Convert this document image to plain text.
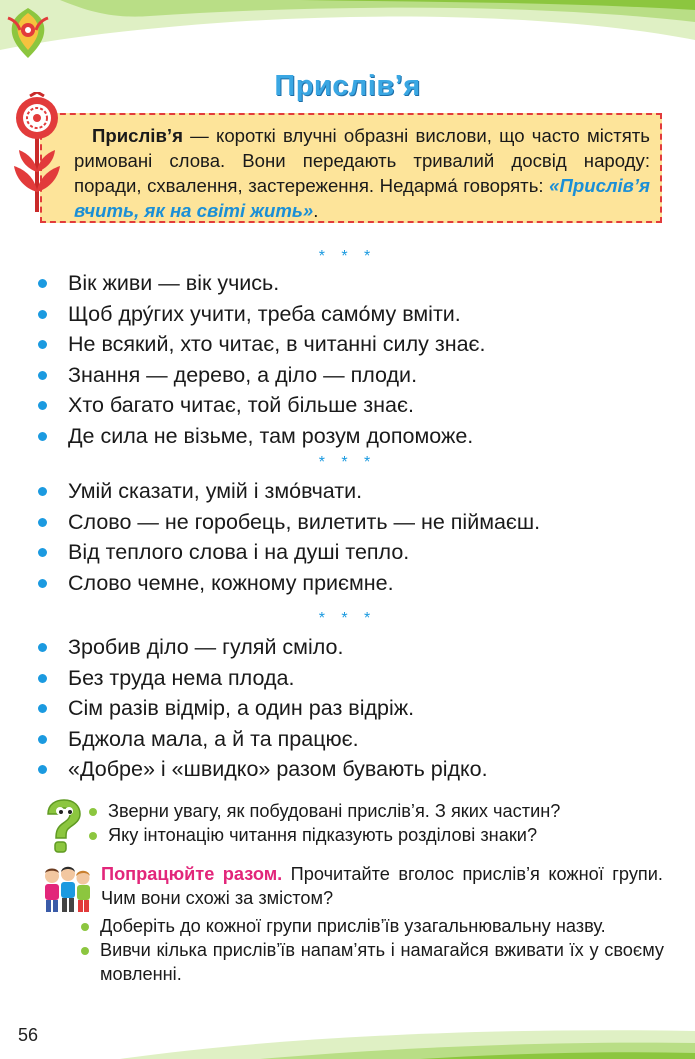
Прислів’я
Прислів’я — короткі влучні образні вислови, що часто містять римовані слова. Вони передають тривалий досвід народу: поради, схвалення, застереження. Недарма́ говорять: «Прислів’я вчить, як на світі жить».
* * *
Вік живи — вік учись.
Щоб дру́гих учити, треба само́му вміти.
Не всякий, хто читає, в читанні силу знає.
Знання — дерево, а діло — плоди.
Хто багато читає, той більше знає.
Де сила не візьме, там розум допоможе.
* * *
Умій сказати, умій і змо́вчати.
Слово — не горобець, вилетить — не піймаєш.
Від теплого слова і на душі тепло.
Слово чемне, кожному приємне.
* * *
Зробив діло — гуляй сміло.
Без труда нема плода.
Сім разів відмір, а один раз відріж.
Бджола мала, а й та працює.
«Добре» і «швидко» разом бувають рідко.
Зверни увагу, як побудовані прислів’я. З яких частин?
Яку інтонацію читання підказують розділові знаки?
Попрацюйте разом. Прочитайте вголос прислів’я кожної групи. Чим вони схожі за змістом?
Доберіть до кожної групи прислів’їв узагальнювальну назву.
Вивчи кілька прислів’їв напам’ять і намагайся вживати їх у своєму мовленні.
56
